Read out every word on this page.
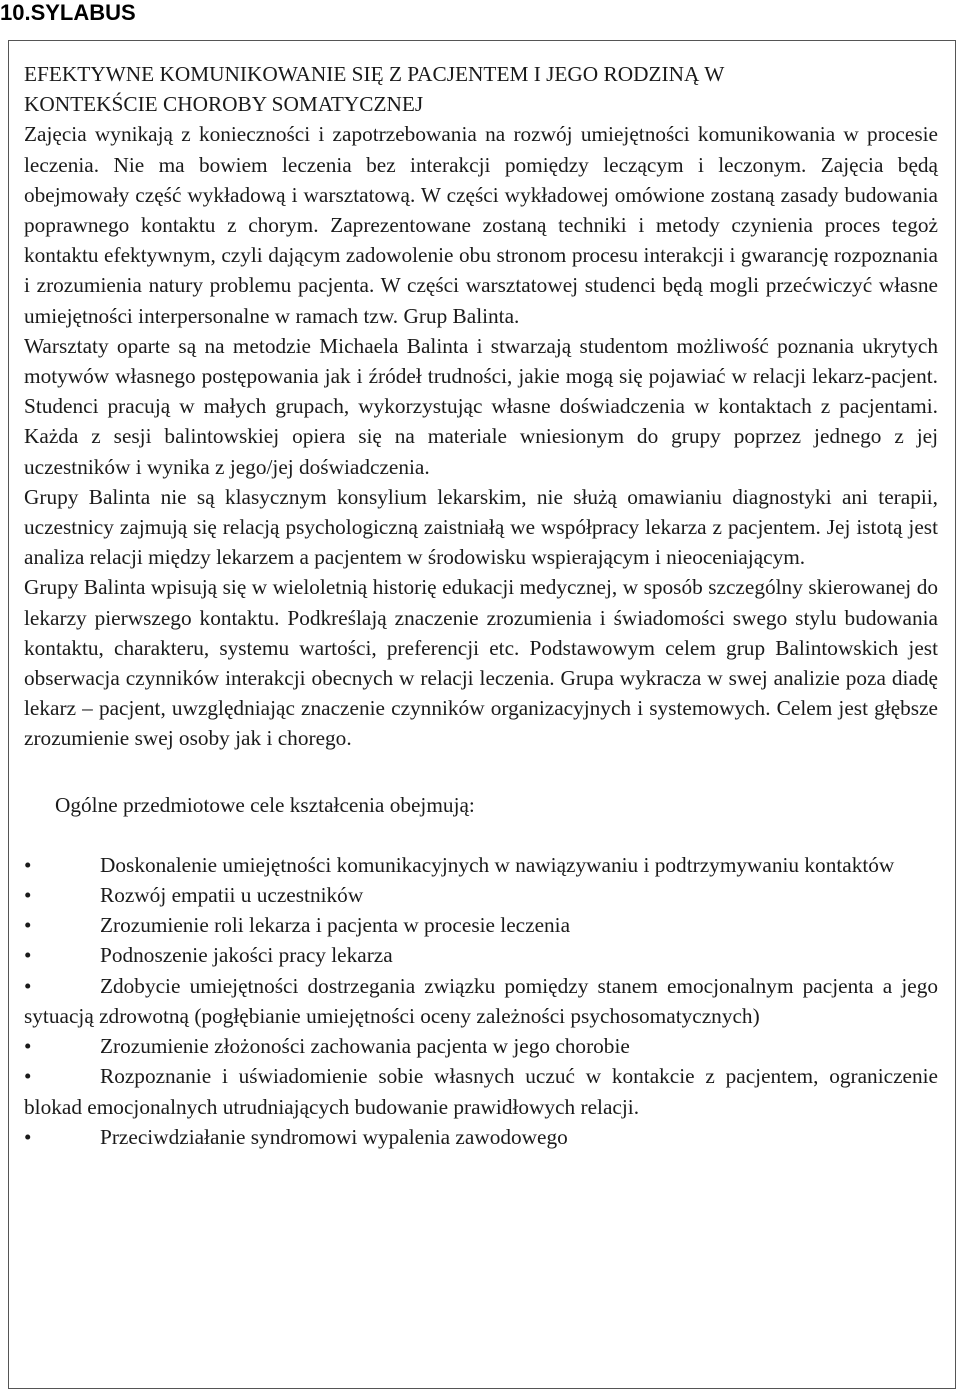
10.SYLABUS
EFEKTYWNE KOMUNIKOWANIE SIĘ Z PACJENTEM I JEGO RODZINĄ W
KONTEKŚCIE CHOROBY SOMATYCZNEJ

Zajęcia wynikają z konieczności i zapotrzebowania na rozwój umiejętności komunikowania w procesie leczenia. Nie ma bowiem leczenia bez interakcji pomiędzy leczącym i leczonym. Zajęcia będą obejmowały część wykładową i warsztatową. W części wykładowej omówione zostaną zasady budowania poprawnego kontaktu z chorym. Zaprezentowane zostaną techniki i metody czynienia proces tegoż kontaktu efektywnym, czyli dającym zadowolenie obu stronom procesu interakcji i gwarancję rozpoznania i zrozumienia natury problemu pacjenta. W części warsztatowej studenci będą mogli przećwiczyć własne umiejętności interpersonalne w ramach tzw. Grup Balinta.

Warsztaty oparte są na metodzie Michaela Balinta i stwarzają studentom możliwość poznania ukrytych motywów własnego postępowania jak i źródeł trudności, jakie mogą się pojawiać w relacji lekarz-pacjent. Studenci pracują w małych grupach, wykorzystując własne doświadczenia w kontaktach z pacjentami. Każda z sesji balintowskiej opiera się na materiale wniesionym do grupy poprzez jednego z jej uczestników i wynika z jego/jej doświadczenia.

Grupy Balinta nie są klasycznym konsylium lekarskim, nie służą omawianiu diagnostyki ani terapii, uczestnicy zajmują się relacją psychologiczną zaistniałą we współpracy lekarza z pacjentem. Jej istotą jest analiza relacji między lekarzem a pacjentem w środowisku wspierającym i nieoceniającym.

Grupy Balinta wpisują się w wieloletnią historię edukacji medycznej, w sposób szczególny skierowanej do lekarzy pierwszego kontaktu. Podkreślają znaczenie zrozumienia i świadomości swego stylu budowania kontaktu, charakteru, systemu wartości, preferencji etc. Podstawowym celem grup Balintowskich jest obserwacja czynników interakcji obecnych w relacji leczenia. Grupa wykracza w swej analizie poza diadę lekarz – pacjent, uwzględniając znaczenie czynników organizacyjnych i systemowych. Celem jest głębsze zrozumienie swej osoby jak i chorego.

Ogólne przedmiotowe cele kształcenia obejmują:

•	Doskonalenie umiejętności komunikacyjnych w nawiązywaniu i podtrzymywaniu kontaktów
•	Rozwój empatii u uczestników
•	Zrozumienie roli lekarza i pacjenta w procesie leczenia
•	Podnoszenie jakości pracy lekarza
•	Zdobycie umiejętności dostrzegania związku pomiędzy stanem emocjonalnym pacjenta a jego sytuacją zdrowotną (pogłębianie umiejętności oceny zależności psychosomatycznych)
•	Zrozumienie złożoności zachowania pacjenta w jego chorobie
•	Rozpoznanie i uświadomienie sobie własnych uczuć w kontakcie z pacjentem, ograniczenie blokad emocjonalnych utrudniających budowanie prawidłowych relacji.
•	Przeciwdziałanie syndromowi wypalenia zawodowego
